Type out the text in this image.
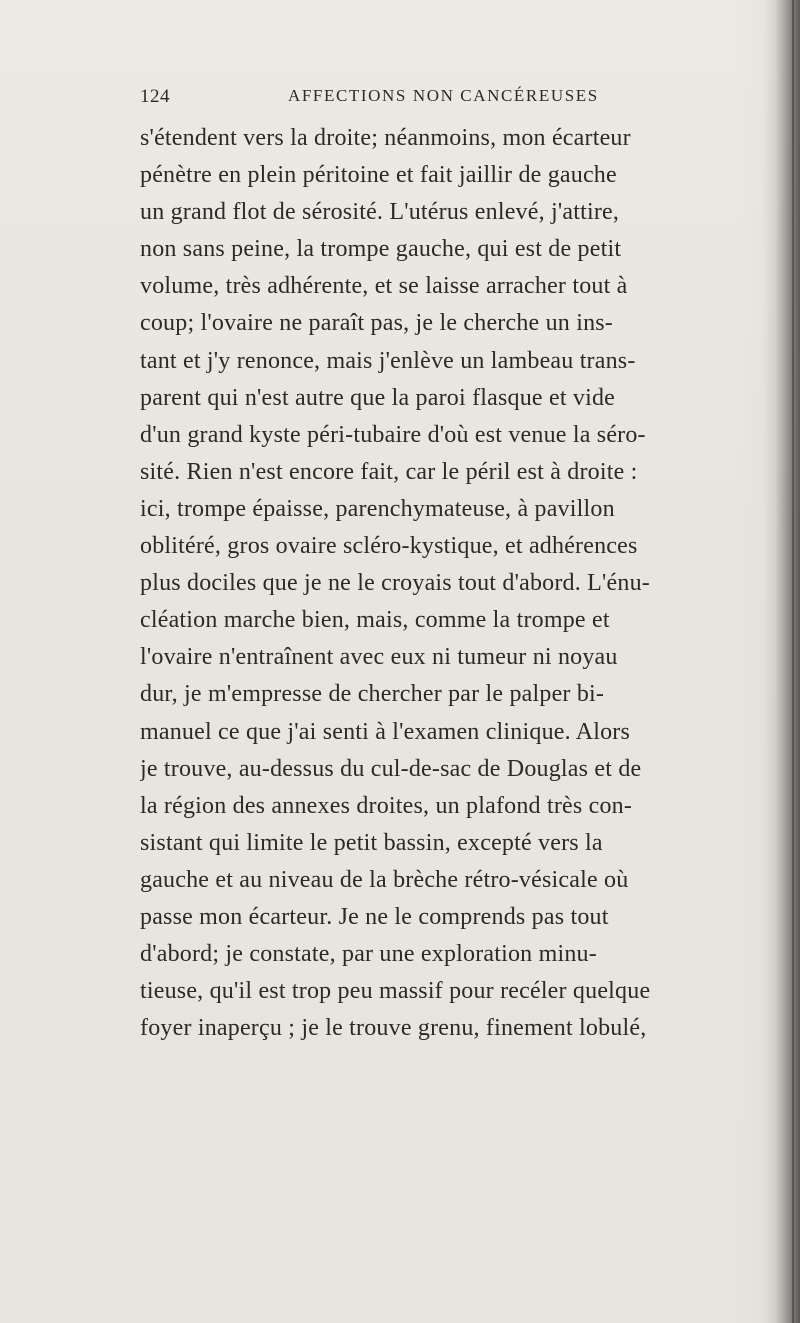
124	AFFECTIONS NON CANCÉREUSES
s'étendent vers la droite; néanmoins, mon écarteur
pénètre en plein péritoine et fait jaillir de gauche
un grand flot de sérosité. L'utérus enlevé, j'attire,
non sans peine, la trompe gauche, qui est de petit
volume, très adhérente, et se laisse arracher tout à
coup; l'ovaire ne paraît pas, je le cherche un ins-
tant et j'y renonce, mais j'enlève un lambeau trans-
parent qui n'est autre que la paroi flasque et vide
d'un grand kyste péri-tubaire d'où est venue la séro-
sité. Rien n'est encore fait, car le péril est à droite :
ici, trompe épaisse, parenchymateuse, à pavillon
oblitéré, gros ovaire scléro-kystique, et adhérences
plus dociles que je ne le croyais tout d'abord. L'énu-
cléation marche bien, mais, comme la trompe et
l'ovaire n'entraînent avec eux ni tumeur ni noyau
dur, je m'empresse de chercher par le palper bi-
manuel ce que j'ai senti à l'examen clinique. Alors
je trouve, au-dessus du cul-de-sac de Douglas et de
la région des annexes droites, un plafond très con-
sistant qui limite le petit bassin, excepté vers la
gauche et au niveau de la brèche rétro-vésicale où
passe mon écarteur. Je ne le comprends pas tout
d'abord; je constate, par une exploration minu-
tieuse, qu'il est trop peu massif pour recéler quelque
foyer inaperçu ; je le trouve grenu, finement lobulé,
